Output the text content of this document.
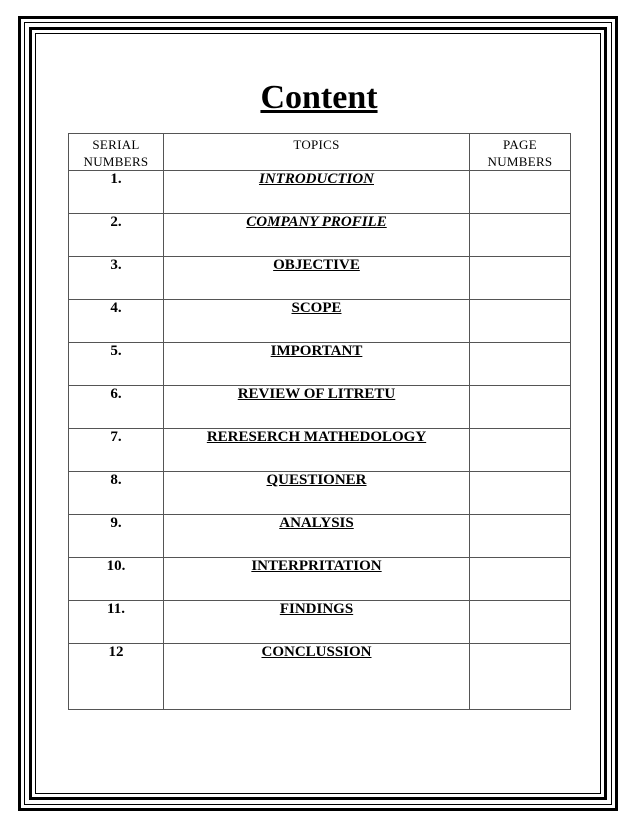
Content
SERIAL NUMBERS	TOPICS	PAGE NUMBERS

1.	INTRODUCTION	
2.	COMPANY PROFILE	
3.	OBJECTIVE	
4.	SCOPE	
5.	IMPORTANT	
6.	REVIEW OF LITRETU	
7.	RERESERCH MATHEDOLOGY	
8.	QUESTIONER	
9.	ANALYSIS	
10.	INTERPRITATION	
11.	FINDINGS	
12	CONCLUSSION	
